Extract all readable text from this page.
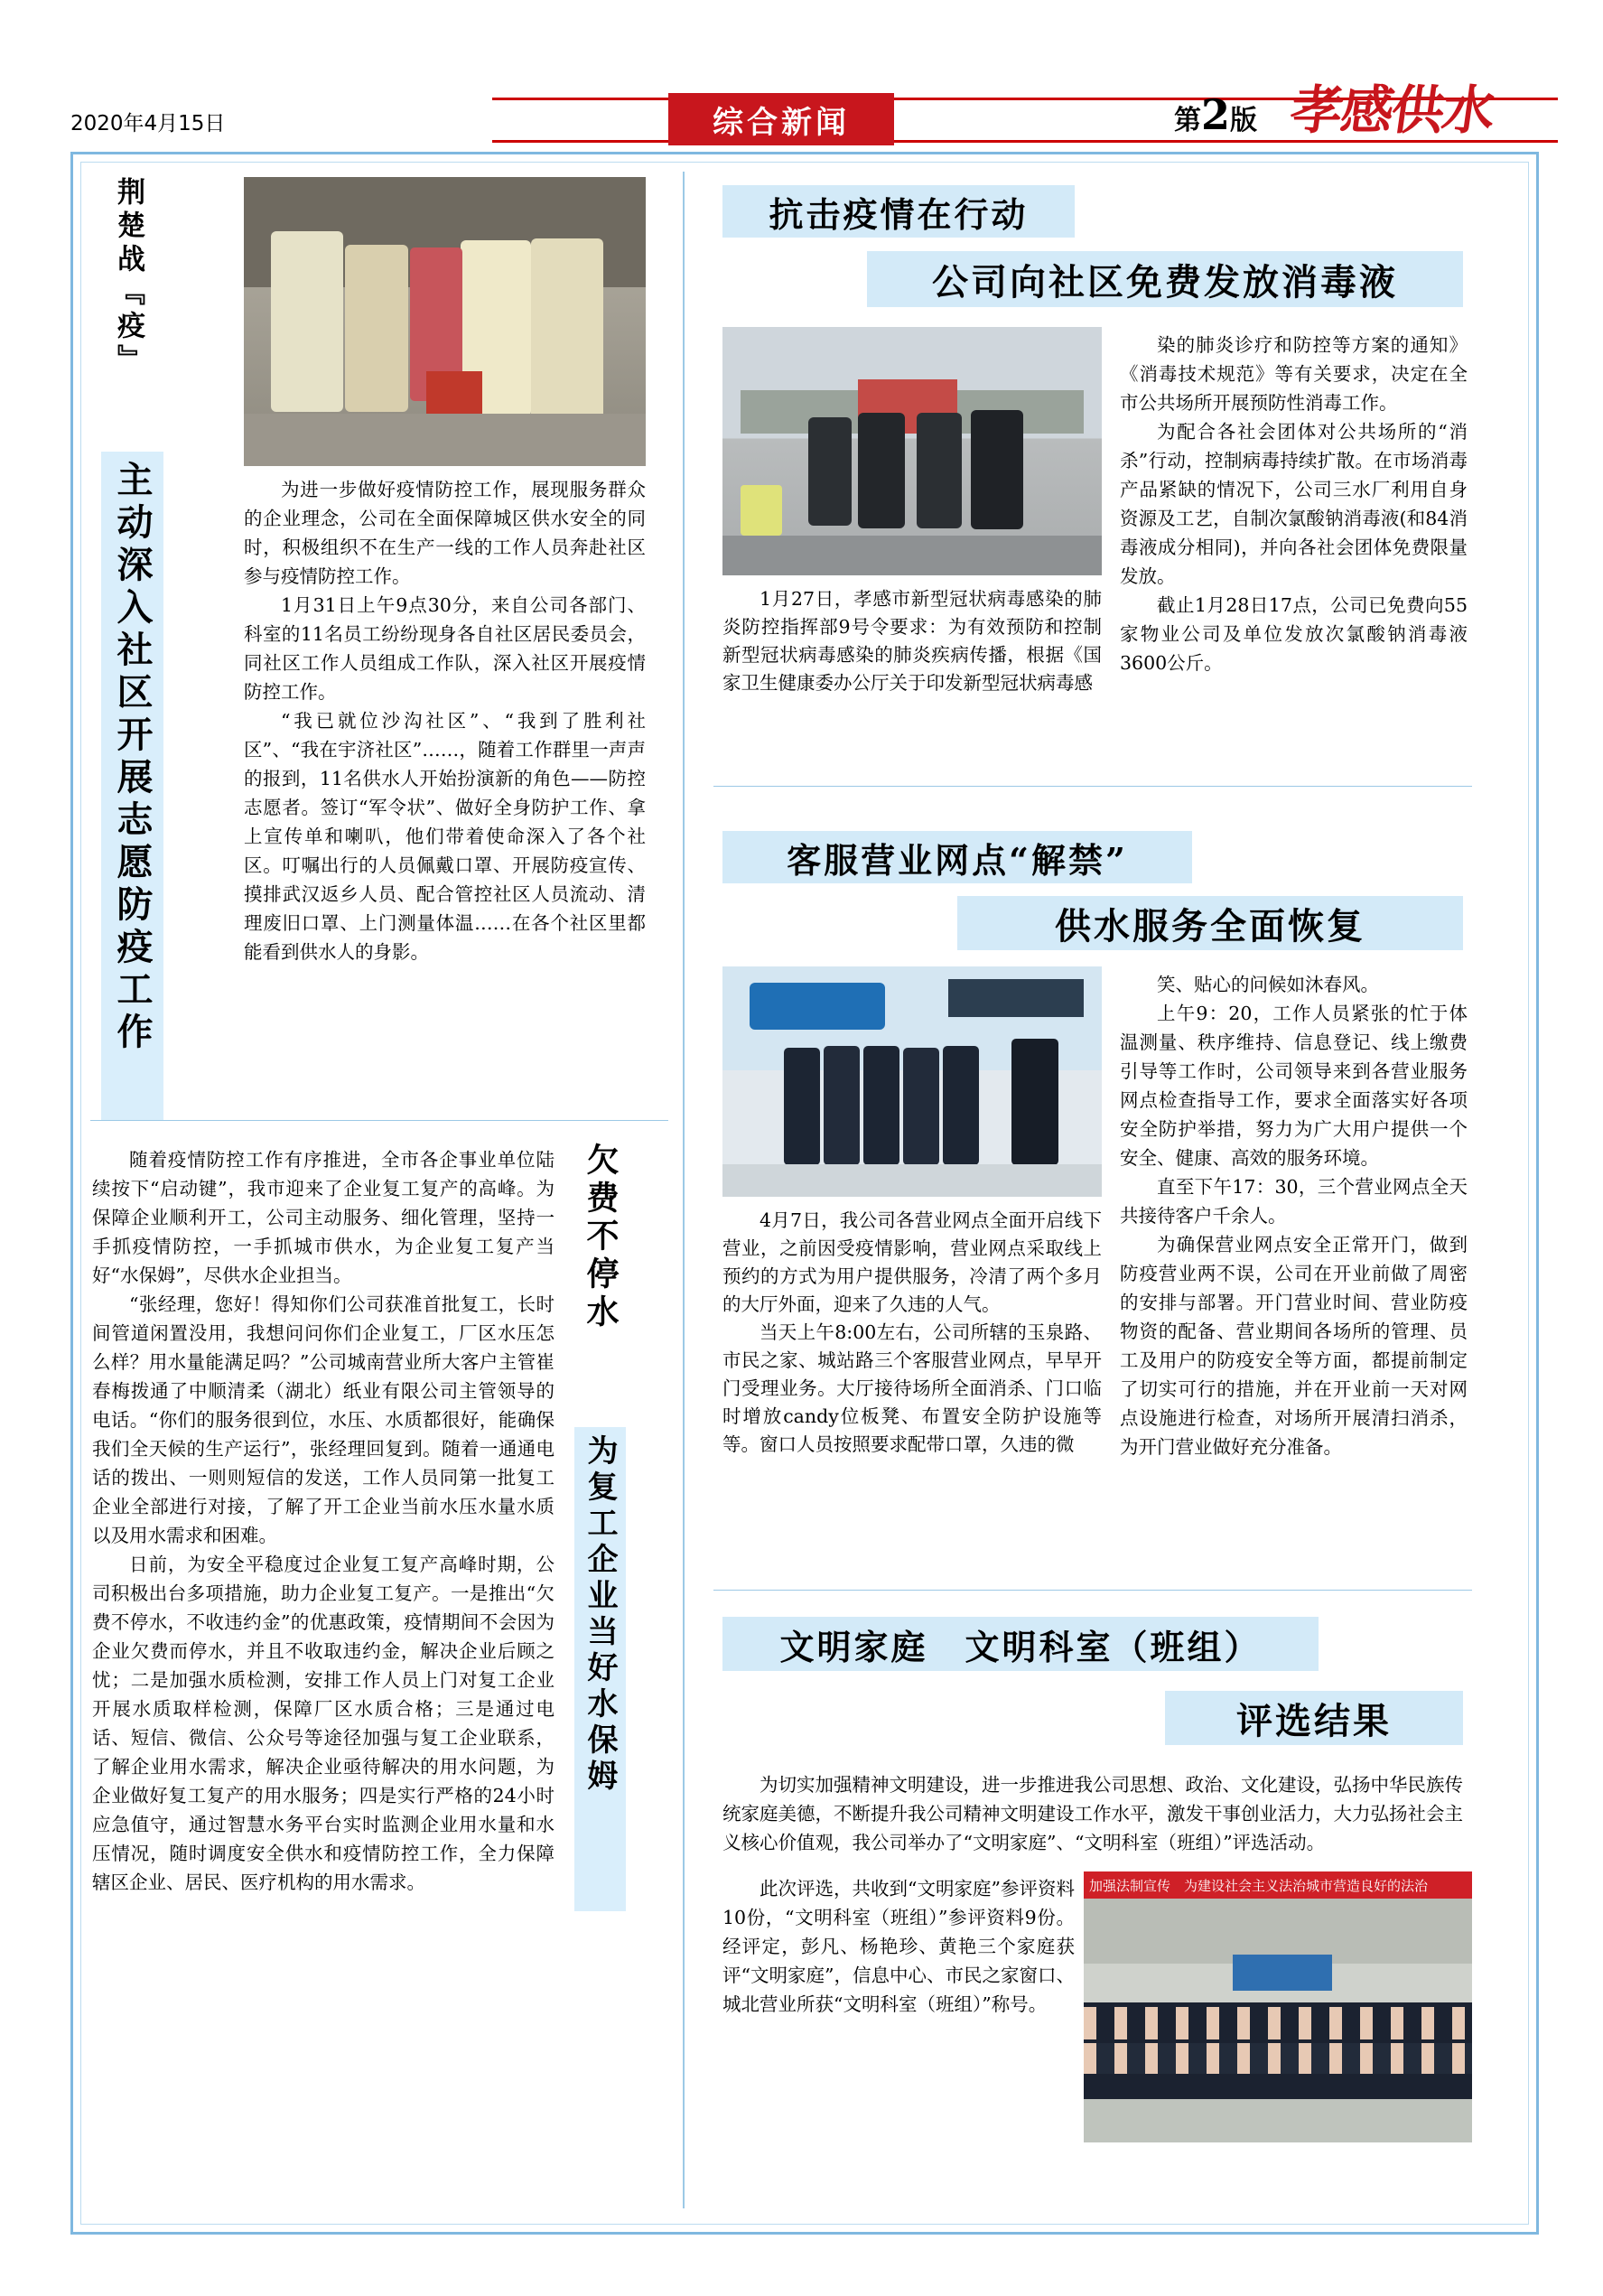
2020年4月15日	综合新闻	第2版 孝感供水
荆楚战『疫』
主动深入社区开展志愿防疫工作	为进一步做好疫情防控工作，展现服务群众的企业理念，公司在全面保障城区供水安全的同时，积极组织不在生产一线的工作人员奔赴社区参与疫情防控工作。

1月31日上午9点30分，来自公司各部门、科室的11名员工纷纷现身各自社区居民委员会，同社区工作人员组成工作队，深入社区开展疫情防控工作。

“我已就位沙沟社区”、“我到了胜利社区”、“我在宇济社区”……，随着工作群里一声声的报到，11名供水人开始扮演新的角色——防控志愿者。签订“军令状”、做好全身防护工作、拿上宣传单和喇叭，他们带着使命深入了各个社区。叮嘱出行的人员佩戴口罩、开展防疫宣传、摸排武汉返乡人员、配合管控社区人员流动、清理废旧口罩、上门测量体温……在各个社区里都能看到供水人的身影。

欠费不停水
为复工企业当好水保姆

随着疫情防控工作有序推进，全市各企事业单位陆续按下“启动键”，我市迎来了企业复工复产的高峰。为保障企业顺利开工，公司主动服务、细化管理，坚持一手抓疫情防控，一手抓城市供水，为企业复工复产当好“水保姆”，尽供水企业担当。

“张经理，您好！得知你们公司获准首批复工，长时间管道闲置没用，我想问问你们企业复工，厂区水压怎么样？用水量能满足吗？”公司城南营业所大客户主管崔春梅拨通了中顺清柔（湖北）纸业有限公司主管领导的电话。“你们的服务很到位，水压、水质都很好，能确保我们全天候的生产运行”，张经理回复到。随着一通通电话的拨出、一则则短信的发送，工作人员同第一批复工企业全部进行对接，了解了开工企业当前水压水量水质以及用水需求和困难。

日前，为安全平稳度过企业复工复产高峰时期，公司积极出台多项措施，助力企业复工复产。一是推出“欠费不停水，不收违约金”的优惠政策，疫情期间不会因为企业欠费而停水，并且不收取违约金，解决企业后顾之忧；二是加强水质检测，安排工作人员上门对复工企业开展水质取样检测，保障厂区水质合格；三是通过电话、短信、微信、公众号等途径加强与复工企业联系，了解企业用水需求，解决企业亟待解决的用水问题，为企业做好复工复产的用水服务；四是实行严格的24小时应急值守，通过智慧水务平台实时监测企业用水量和水压情况，随时调度安全供水和疫情防控工作，全力保障辖区企业、居民、医疗机构的用水需求。

抗击疫情在行动
公司向社区免费发放消毒液

1月27日，孝感市新型冠状病毒感染的肺炎防控指挥部9号令要求：为有效预防和控制新型冠状病毒感染的肺炎疾病传播，根据《国家卫生健康委办公厅关于印发新型冠状病毒感

染的肺炎诊疗和防控等方案的通知》《消毒技术规范》等有关要求，决定在全市公共场所开展预防性消毒工作。

为配合各社会团体对公共场所的“消杀”行动，控制病毒持续扩散。在市场消毒产品紧缺的情况下，公司三水厂利用自身资源及工艺，自制次氯酸钠消毒液(和84消毒液成分相同)，并向各社会团体免费限量发放。

截止1月28日17点，公司已免费向55家物业公司及单位发放次氯酸钠消毒液3600公斤。

客服营业网点“解禁”
供水服务全面恢复

4月7日，我公司各营业网点全面开启线下营业，之前因受疫情影响，营业网点采取线上预约的方式为用户提供服务，冷清了两个多月的大厅外面，迎来了久违的人气。

当天上午8:00左右，公司所辖的玉泉路、市民之家、城站路三个客服营业网点，早早开门受理业务。大厅接待场所全面消杀、门口临时增放candy位板凳、布置安全防护设施等等。窗口人员按照要求配带口罩，久违的微

笑、贴心的问候如沐春风。

上午9：20，工作人员紧张的忙于体温测量、秩序维持、信息登记、线上缴费引导等工作时，公司领导来到各营业服务网点检查指导工作，要求全面落实好各项安全防护举措，努力为广大用户提供一个安全、健康、高效的服务环境。

直至下午17：30，三个营业网点全天共接待客户千余人。

为确保营业网点安全正常开门，做到防疫营业两不误，公司在开业前做了周密的安排与部署。开门营业时间、营业防疫物资的配备、营业期间各场所的管理、员工及用户的防疫安全等方面，都提前制定了切实可行的措施，并在开业前一天对网点设施进行检查，对场所开展清扫消杀，为开门营业做好充分准备。

文明家庭　文明科室（班组）
评选结果

为切实加强精神文明建设，进一步推进我公司思想、政治、文化建设，弘扬中华民族传统家庭美德，不断提升我公司精神文明建设工作水平，激发干事创业活力，大力弘扬社会主义核心价值观，我公司举办了“文明家庭”、“文明科室（班组）”评选活动。

此次评选，共收到“文明家庭”参评资料10份，“文明科室（班组）”参评资料9份。经评定，彭凡、杨艳珍、黄艳三个家庭获评“文明家庭”，信息中心、市民之家窗口、城北营业所获“文明科室（班组）”称号。

加强法制宣传　为建设社会主义法治城市营造良好的法治
